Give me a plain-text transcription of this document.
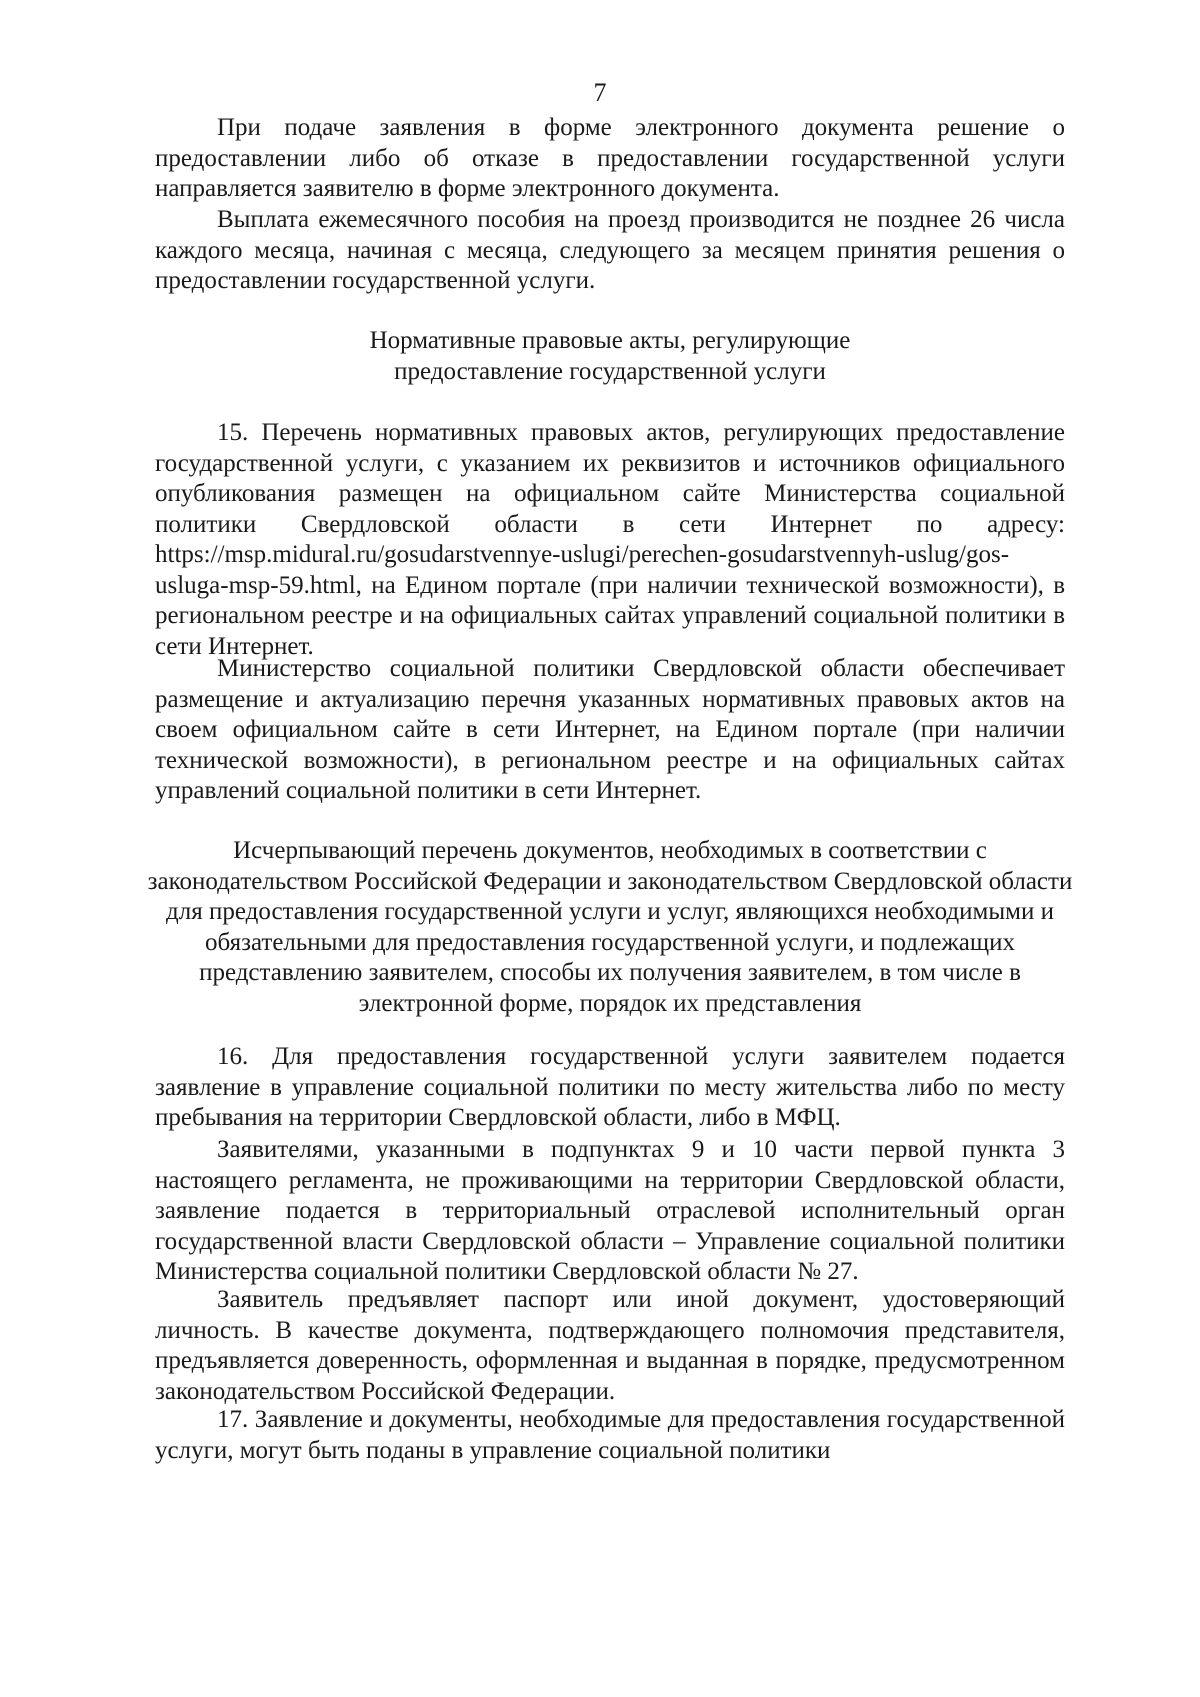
7

При подаче заявления в форме электронного документа решение о предоставлении либо об отказе в предоставлении государственной услуги направляется заявителю в форме электронного документа.

Выплата ежемесячного пособия на проезд производится не позднее 26 числа каждого месяца, начиная с месяца, следующего за месяцем принятия решения о предоставлении государственной услуги.

Нормативные правовые акты, регулирующие предоставление государственной услуги

15. Перечень нормативных правовых актов, регулирующих предоставление государственной услуги, с указанием их реквизитов и источников официального опубликования размещен на официальном сайте Министерства социальной политики Свердловской области в сети Интернет по адресу: https://msp.midural.ru/gosudarstvennye-uslugi/perechen-gosudarstvennyh-uslug/gos-usluga-msp-59.html, на Едином портале (при наличии технической возможности), в региональном реестре и на официальных сайтах управлений социальной политики в сети Интернет.

Министерство социальной политики Свердловской области обеспечивает размещение и актуализацию перечня указанных нормативных правовых актов на своем официальном сайте в сети Интернет, на Едином портале (при наличии технической возможности), в региональном реестре и на официальных сайтах управлений социальной политики в сети Интернет.

Исчерпывающий перечень документов, необходимых в соответствии с законодательством Российской Федерации и законодательством Свердловской области для предоставления государственной услуги и услуг, являющихся необходимыми и обязательными для предоставления государственной услуги, и подлежащих представлению заявителем, способы их получения заявителем, в том числе в электронной форме, порядок их представления

16. Для предоставления государственной услуги заявителем подается заявление в управление социальной политики по месту жительства либо по месту пребывания на территории Свердловской области, либо в МФЦ.

Заявителями, указанными в подпунктах 9 и 10 части первой пункта 3 настоящего регламента, не проживающими на территории Свердловской области, заявление подается в территориальный отраслевой исполнительный орган государственной власти Свердловской области – Управление социальной политики Министерства социальной политики Свердловской области № 27.

Заявитель предъявляет паспорт или иной документ, удостоверяющий личность. В качестве документа, подтверждающего полномочия представителя, предъявляется доверенность, оформленная и выданная в порядке, предусмотренном законодательством Российской Федерации.

17. Заявление и документы, необходимые для предоставления государственной услуги, могут быть поданы в управление социальной политики
